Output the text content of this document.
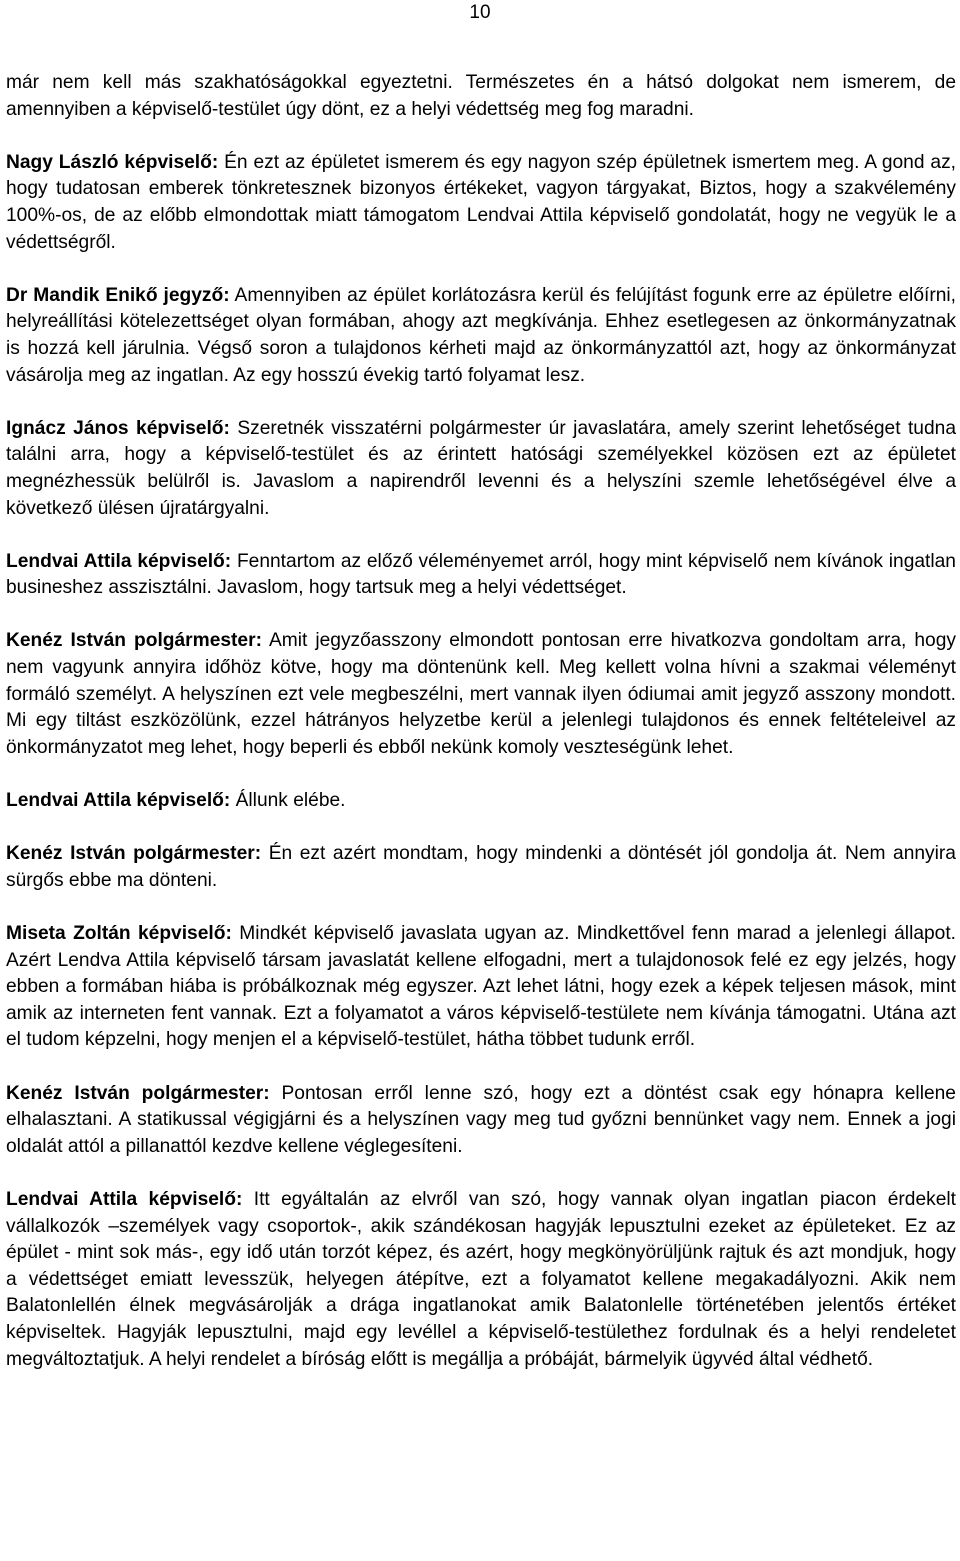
10

már nem kell más szakhatóságokkal egyeztetni. Természetes én a hátsó dolgokat nem ismerem, de amennyiben a képviselő-testület úgy dönt, ez a helyi védettség meg fog maradni.

Nagy László képviselő: Én ezt az épületet ismerem és egy nagyon szép épületnek ismertem meg. A gond az, hogy tudatosan emberek tönkretesznek bizonyos értékeket, vagyon tárgyakat, Biztos, hogy a szakvélemény 100%-os, de az előbb elmondottak miatt támogatom Lendvai Attila képviselő gondolatát, hogy ne vegyük le a védettségről.

Dr Mandik Enikő jegyző: Amennyiben az épület korlátozásra kerül és felújítást fogunk erre az épületre előírni, helyreállítási kötelezettséget olyan formában, ahogy azt megkívánja. Ehhez esetlegesen az önkormányzatnak is hozzá kell járulnia. Végső soron a tulajdonos kérheti majd az önkormányzattól azt, hogy az önkormányzat vásárolja meg az ingatlan. Az egy hosszú évekig tartó folyamat lesz.

Ignácz János képviselő: Szeretnék visszatérni polgármester úr javaslatára, amely szerint lehetőséget tudna találni arra, hogy a képviselő-testület és az érintett hatósági személyekkel közösen ezt az épületet megnézhessük belülről is. Javaslom a napirendről levenni és a helyszíni szemle lehetőségével élve a következő ülésen újratárgyalni.

Lendvai Attila képviselő: Fenntartom az előző véleményemet arról, hogy mint képviselő nem kívánok ingatlan busineshez asszisztálni. Javaslom, hogy tartsuk meg a helyi védettséget.

Kenéz István polgármester: Amit jegyzőasszony elmondott pontosan erre hivatkozva gondoltam arra, hogy nem vagyunk annyira időhöz kötve, hogy ma döntenünk kell. Meg kellett volna hívni a szakmai véleményt formáló személyt. A helyszínen ezt vele megbeszélni, mert vannak ilyen ódiumai amit jegyző asszony mondott. Mi egy tiltást eszközölünk, ezzel hátrányos helyzetbe kerül a jelenlegi tulajdonos és ennek feltételeivel az önkormányzatot meg lehet, hogy beperli és ebből nekünk komoly veszteségünk lehet.

Lendvai Attila képviselő: Állunk elébe.

Kenéz István polgármester: Én ezt azért mondtam, hogy mindenki a döntését jól gondolja át. Nem annyira sürgős ebbe ma dönteni.

Miseta Zoltán képviselő: Mindkét képviselő javaslata ugyan az. Mindkettővel fenn marad a jelenlegi állapot. Azért Lendva Attila képviselő társam javaslatát kellene elfogadni, mert a tulajdonosok felé ez egy jelzés, hogy ebben a formában hiába is próbálkoznak még egyszer. Azt lehet látni, hogy ezek a képek teljesen mások, mint amik az interneten fent vannak. Ezt a folyamatot a város képviselő-testülete nem kívánja támogatni. Utána azt el tudom képzelni, hogy menjen el a képviselő-testület, hátha többet tudunk erről.

Kenéz István polgármester: Pontosan erről lenne szó, hogy ezt a döntést csak egy hónapra kellene elhalasztani. A statikussal végigjárni és a helyszínen vagy meg tud győzni bennünket vagy nem. Ennek a jogi oldalát attól a pillanattól kezdve kellene véglegesíteni.

Lendvai Attila képviselő: Itt egyáltalán az elvről van szó, hogy vannak olyan ingatlan piacon érdekelt vállalkozók –személyek vagy csoportok-, akik szándékosan hagyják lepusztulni ezeket az épületeket. Ez az épület - mint sok más-, egy idő után torzót képez, és azért, hogy megkönyörüljünk rajtuk és azt mondjuk, hogy a védettséget emiatt levesszük, helyegen átépítve, ezt a folyamatot kellene megakadályozni. Akik nem Balatonlellén élnek megvásárolják a drága ingatlanokat amik Balatonlelle történetében jelentős értéket képviseltek. Hagyják lepusztulni, majd egy levéllel a képviselő-testülethez fordulnak és a helyi rendeletet megváltoztatjuk. A helyi rendelet a bíróság előtt is megállja a próbáját, bármelyik ügyvéd által védhető.
